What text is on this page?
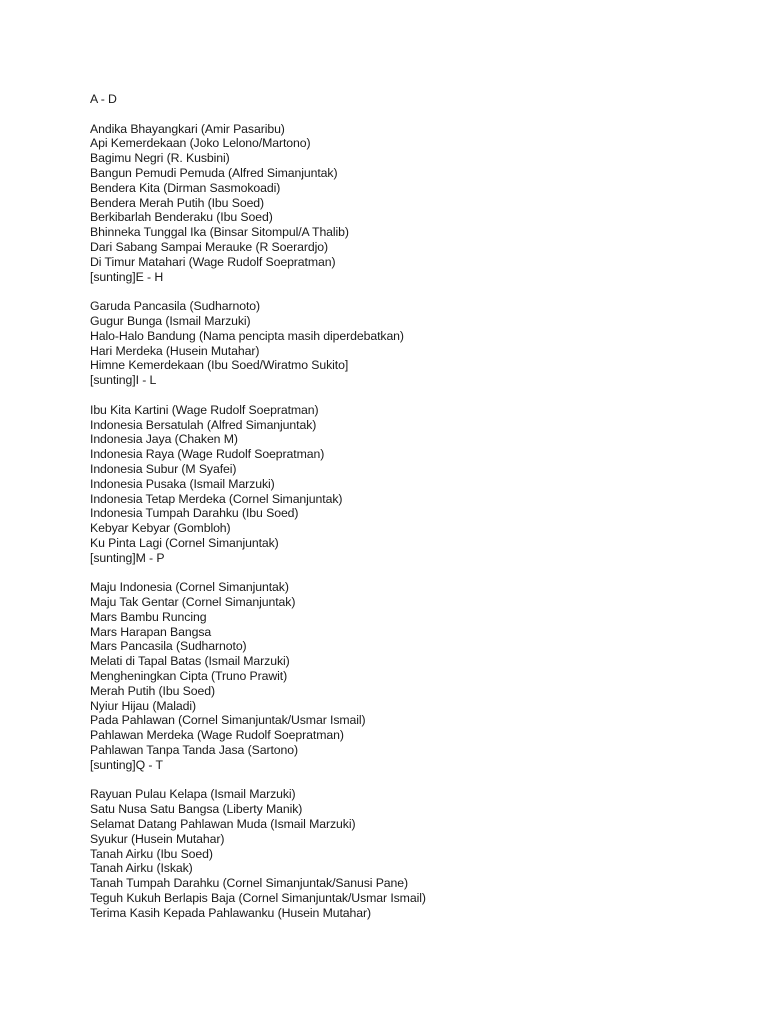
A - D
Andika Bhayangkari (Amir Pasaribu)
Api Kemerdekaan (Joko Lelono/Martono)
Bagimu Negri (R. Kusbini)
Bangun Pemudi Pemuda (Alfred Simanjuntak)
Bendera Kita (Dirman Sasmokoadi)
Bendera Merah Putih (Ibu Soed)
Berkibarlah Benderaku (Ibu Soed)
Bhinneka Tunggal Ika (Binsar Sitompul/A Thalib)
Dari Sabang Sampai Merauke (R Soerardjo)
Di Timur Matahari (Wage Rudolf Soepratman)
[sunting]E - H
Garuda Pancasila (Sudharnoto)
Gugur Bunga (Ismail Marzuki)
Halo-Halo Bandung (Nama pencipta masih diperdebatkan)
Hari Merdeka (Husein Mutahar)
Himne Kemerdekaan (Ibu Soed/Wiratmo Sukito]
[sunting]I - L
Ibu Kita Kartini (Wage Rudolf Soepratman)
Indonesia Bersatulah (Alfred Simanjuntak)
Indonesia Jaya (Chaken M)
Indonesia Raya (Wage Rudolf Soepratman)
Indonesia Subur (M Syafei)
Indonesia Pusaka (Ismail Marzuki)
Indonesia Tetap Merdeka (Cornel Simanjuntak)
Indonesia Tumpah Darahku (Ibu Soed)
Kebyar Kebyar (Gombloh)
Ku Pinta Lagi (Cornel Simanjuntak)
[sunting]M - P
Maju Indonesia (Cornel Simanjuntak)
Maju Tak Gentar (Cornel Simanjuntak)
Mars Bambu Runcing
Mars Harapan Bangsa
Mars Pancasila (Sudharnoto)
Melati di Tapal Batas (Ismail Marzuki)
Mengheningkan Cipta (Truno Prawit)
Merah Putih (Ibu Soed)
Nyiur Hijau (Maladi)
Pada Pahlawan (Cornel Simanjuntak/Usmar Ismail)
Pahlawan Merdeka (Wage Rudolf Soepratman)
Pahlawan Tanpa Tanda Jasa (Sartono)
[sunting]Q - T
Rayuan Pulau Kelapa (Ismail Marzuki)
Satu Nusa Satu Bangsa (Liberty Manik)
Selamat Datang Pahlawan Muda (Ismail Marzuki)
Syukur (Husein Mutahar)
Tanah Airku (Ibu Soed)
Tanah Airku (Iskak)
Tanah Tumpah Darahku (Cornel Simanjuntak/Sanusi Pane)
Teguh Kukuh Berlapis Baja (Cornel Simanjuntak/Usmar Ismail)
Terima Kasih Kepada Pahlawanku (Husein Mutahar)
